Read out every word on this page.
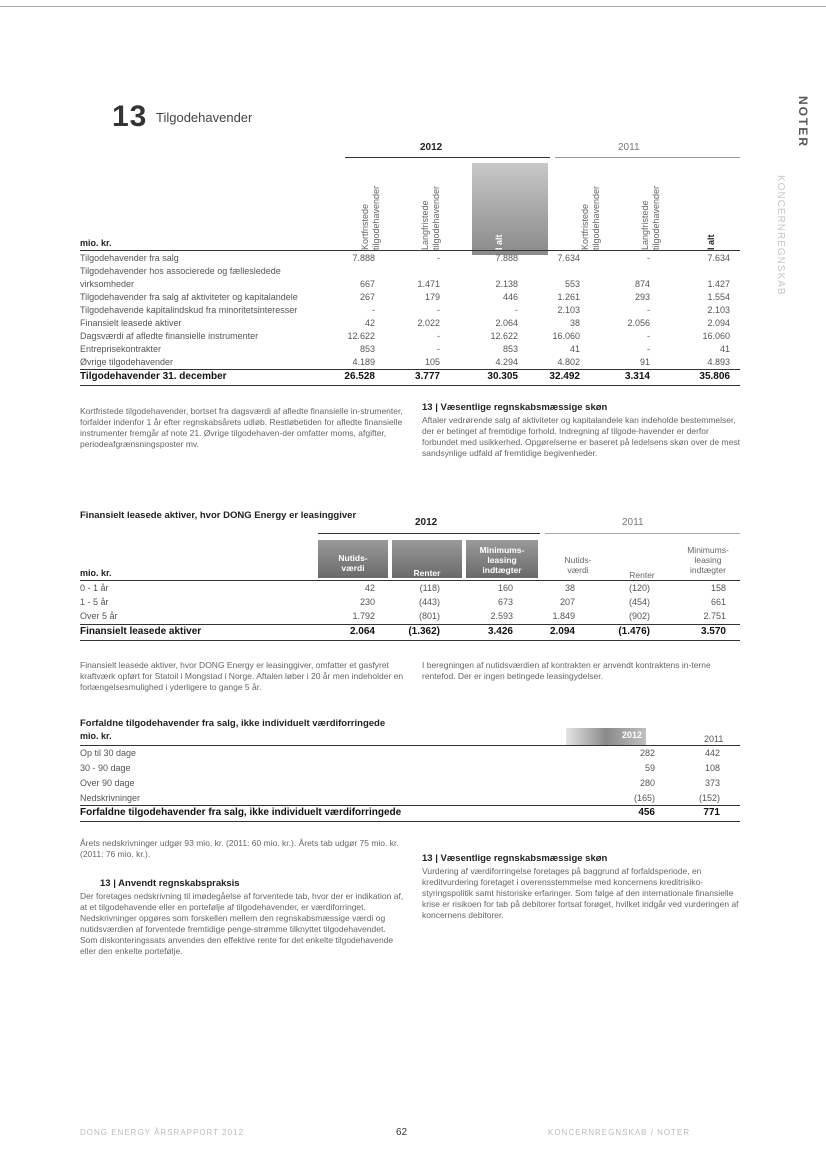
13 Tilgodehavender	NOTER
KONCERNREGNSKAB
2012	2011
Kortfristede tilgodehavender	Langfristede tilgodehavender	I alt	Kortfristede tilgodehavender	Langfristede tilgodehavender	I alt
mio. kr.
Tilgodehavender fra salg	7.888	-	7.888	7.634	-	7.634
Tilgodehavender hos associerede og fællesledede
virksomheder	667	1.471	2.138	553	874	1.427
Tilgodehavender fra salg af aktiviteter og kapitalandele	267	179	446	1.261	293	1.554
Tilgodehavende kapitalindskud fra minoritetsinteresser	-	-	-	2.103	-	2.103
Finansielt leasede aktiver	42	2.022	2.064	38	2.056	2.094
Dagsværdi af afledte finansielle instrumenter	12.622	-	12.622	16.060	-	16.060
Entreprisekontrakter	853	-	853	41	-	41
Øvrige tilgodehavender	4.189	105	4.294	4.802	91	4.893
Tilgodehavender 31. december	26.528	3.777	30.305	32.492	3.314	35.806
Kortfristede tilgodehavender, bortset fra dagsværdi af afledte finansielle in-strumenter, forfalder indenfor 1 år efter regnskabsårets udløb. Restløbetiden for afledte finansielle instrumenter fremgår af note 21. Øvrige tilgodehaven-der omfatter moms, afgifter, periodeafgrænsningsposter mv.
13 | Væsentlige regnskabsmæssige skøn
Aftaler vedrørende salg af aktiviteter og kapitalandele kan indeholde bestemmelser, der er betinget af fremtidige forhold. Indregning af tilgode-havender er derfor forbundet med usikkerhed. Opgørelserne er baseret på ledelsens skøn over de mest sandsynlige udfald af fremtidige begivenheder.
Finansielt leasede aktiver, hvor DONG Energy er leasinggiver
2012	2011
Nutids-
værdi	Renter
Minimums-
leasing
indtægter
Nutids-
værdi	Renter
Minimums-
leasing
indtægter
mio. kr.
0 - 1 år	42	(118)	160	38	(120)	158
1 - 5 år	230	(443)	673	207	(454)	661
Over 5 år	1.792	(801)	2.593	1.849	(902)	2.751
Finansielt leasede aktiver	2.064	(1.362)	3.426	2.094	(1.476)	3.570
Finansielt leasede aktiver, hvor DONG Energy er leasinggiver, omfatter et gasfyret kraftværk opført for Statoil i Mongstad i Norge. Aftalen løber i 20 år men indeholder en forlængelsesmulighed i yderligere to gange 5 år.
I beregningen af nutidsværdien af kontrakten er anvendt kontraktens in-terne rentefod. Der er ingen betingede leasingydelser.
Forfaldne tilgodehavender fra salg, ikke individuelt værdiforringede
mio. kr.	2012	2011
Op til 30 dage	282	442
30 - 90 dage	59	108
Over 90 dage	280	373
Nedskrivninger	(165)	(152)
Forfaldne tilgodehavender fra salg, ikke individuelt værdiforringede	456	771
Årets nedskrivninger udgør 93 mio. kr. (2011: 60 mio. kr.). Årets tab udgør 75 mio. kr. (2011: 76 mio. kr.).
13 | Anvendt regnskabspraksis
Der foretages nedskrivning til imødegåelse af forventede tab, hvor der er indikation af, at et tilgodehavende eller en portefølje af tilgodehavender, er værdiforringet. Nedskrivninger opgøres som forskellen mellem den regnskabsmæssige værdi og nutidsværdien af forventede fremtidige penge-strømme tilknyttet tilgodehavendet. Som diskonteringssats anvendes den effektive rente for det enkelte tilgodehavende eller den enkelte portefølje.
13 | Væsentlige regnskabsmæssige skøn
Vurdering af værdiforringelse foretages på baggrund af forfaldsperiode, en kreditvurdering foretaget i overensstemmelse med koncernens kreditrisiko-styringspolitik samt historiske erfaringer. Som følge af den internationale finansielle krise er risikoen for tab på debitorer fortsat forøget, hvilket indgår ved vurderingen af koncernens debitorer.
DONG ENERGY ÅRSRAPPORT 2012	62	KONCERNREGNSKAB / NOTER
